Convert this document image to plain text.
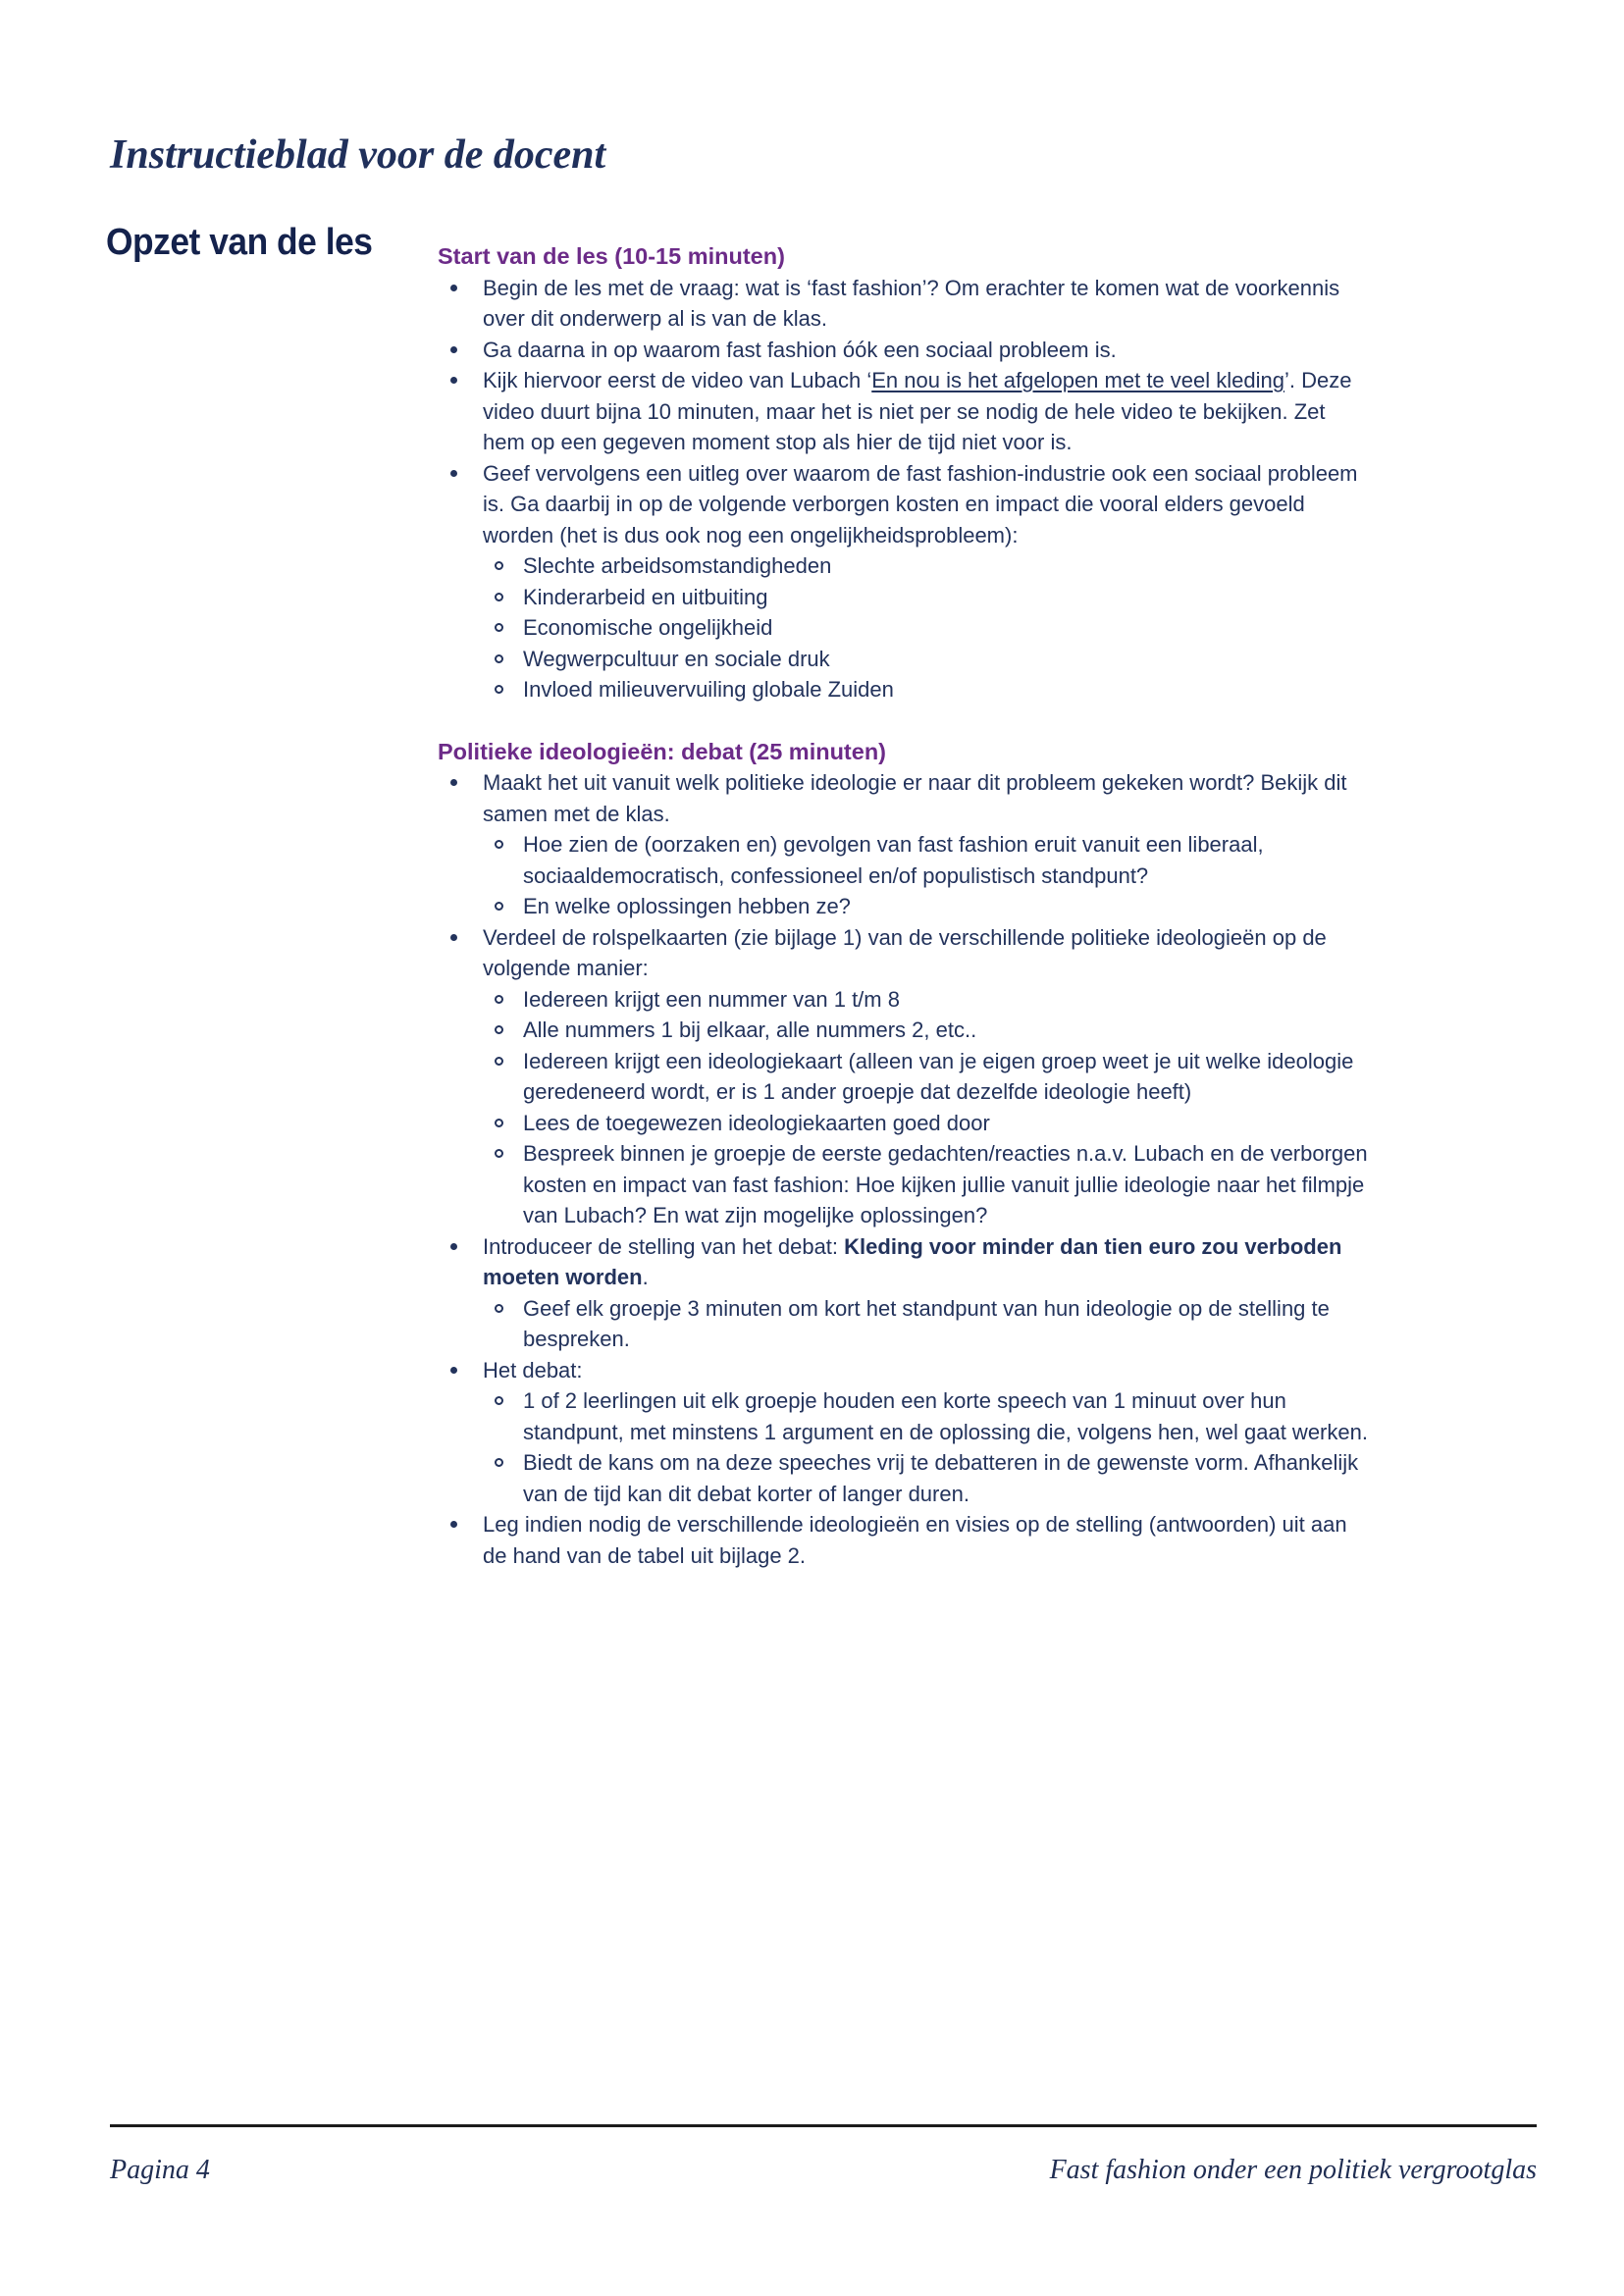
Instructieblad voor de docent
Opzet van de les	Start van de les (10-15 minuten)
Begin de les met de vraag: wat is ‘fast fashion’? Om erachter te komen wat de voorkennis over dit onderwerp al is van de klas.
Ga daarna in op waarom fast fashion óók een sociaal probleem is.
Kijk hiervoor eerst de video van Lubach ‘En nou is het afgelopen met te veel kleding’. Deze video duurt bijna 10 minuten, maar het is niet per se nodig de hele video te bekijken. Zet hem op een gegeven moment stop als hier de tijd niet voor is.
Geef vervolgens een uitleg over waarom de fast fashion-industrie ook een sociaal probleem is. Ga daarbij in op de volgende verborgen kosten en impact die vooral elders gevoeld worden (het is dus ook nog een ongelijkheidsprobleem):
Slechte arbeidsomstandigheden
Kinderarbeid en uitbuiting
Economische ongelijkheid
Wegwerpcultuur en sociale druk
Invloed milieuvervuiling globale Zuiden
Politieke ideologieën: debat (25 minuten)
Maakt het uit vanuit welk politieke ideologie er naar dit probleem gekeken wordt? Bekijk dit samen met de klas.
Hoe zien de (oorzaken en) gevolgen van fast fashion eruit vanuit een liberaal, sociaaldemocratisch, confessioneel en/of populistisch standpunt?
En welke oplossingen hebben ze?
Verdeel de rolspelkaarten (zie bijlage 1) van de verschillende politieke ideologieën op de volgende manier:
Iedereen krijgt een nummer van 1 t/m 8
Alle nummers 1 bij elkaar, alle nummers 2, etc..
Iedereen krijgt een ideologiekaart (alleen van je eigen groep weet je uit welke ideologie geredeneerd wordt, er is 1 ander groepje dat dezelfde ideologie heeft)
Lees de toegewezen ideologiekaarten goed door
Bespreek binnen je groepje de eerste gedachten/reacties n.a.v. Lubach en de verborgen kosten en impact van fast fashion: Hoe kijken jullie vanuit jullie ideologie naar het filmpje van Lubach? En wat zijn mogelijke oplossingen?
Introduceer de stelling van het debat: Kleding voor minder dan tien euro zou verboden moeten worden.
Geef elk groepje 3 minuten om kort het standpunt van hun ideologie op de stelling te bespreken.
Het debat:
1 of 2 leerlingen uit elk groepje houden een korte speech van 1 minuut over hun standpunt, met minstens 1 argument en de oplossing die, volgens hen, wel gaat werken.
Biedt de kans om na deze speeches vrij te debatteren in de gewenste vorm. Afhankelijk van de tijd kan dit debat korter of langer duren.
Leg indien nodig de verschillende ideologieën en visies op de stelling (antwoorden) uit aan de hand van de tabel uit bijlage 2.
Pagina 4	Fast fashion onder een politiek vergrootglas
